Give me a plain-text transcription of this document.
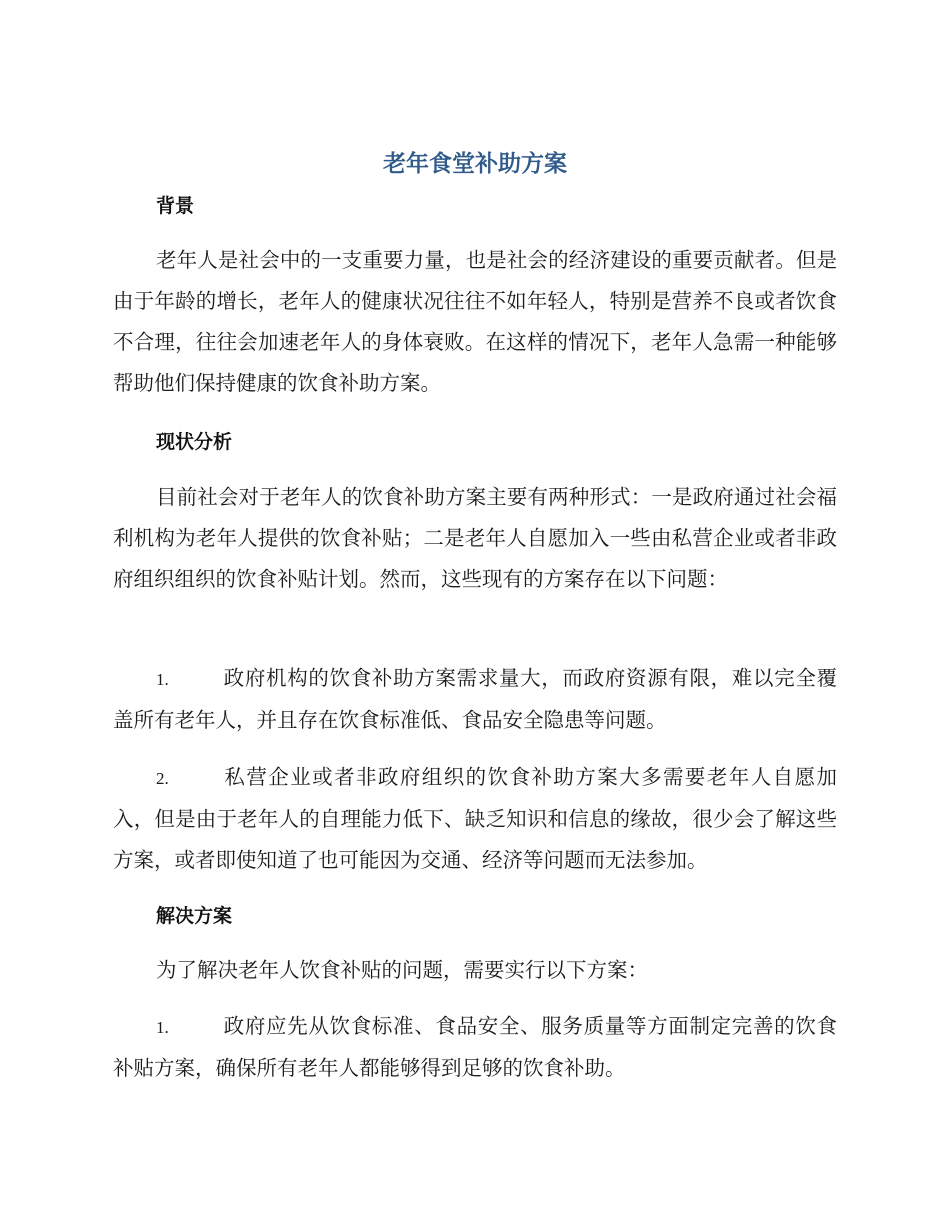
老年食堂补助方案
背景

老年人是社会中的一支重要力量，也是社会的经济建设的重要贡献者。但是由于年龄的增长，老年人的健康状况往往不如年轻人，特别是营养不良或者饮食不合理，往往会加速老年人的身体衰败。在这样的情况下，老年人急需一种能够帮助他们保持健康的饮食补助方案。

现状分析

目前社会对于老年人的饮食补助方案主要有两种形式：一是政府通过社会福利机构为老年人提供的饮食补贴；二是老年人自愿加入一些由私营企业或者非政府组织组织的饮食补贴计划。然而，这些现有的方案存在以下问题：

1.	政府机构的饮食补助方案需求量大，而政府资源有限，难以完全覆盖所有老年人，并且存在饮食标准低、食品安全隐患等问题。
2.	私营企业或者非政府组织的饮食补助方案大多需要老年人自愿加入，但是由于老年人的自理能力低下、缺乏知识和信息的缘故，很少会了解这些方案，或者即使知道了也可能因为交通、经济等问题而无法参加。
解决方案

为了解决老年人饮食补贴的问题，需要实行以下方案：

1.	政府应先从饮食标准、食品安全、服务质量等方面制定完善的饮食补贴方案，确保所有老年人都能够得到足够的饮食补助。
